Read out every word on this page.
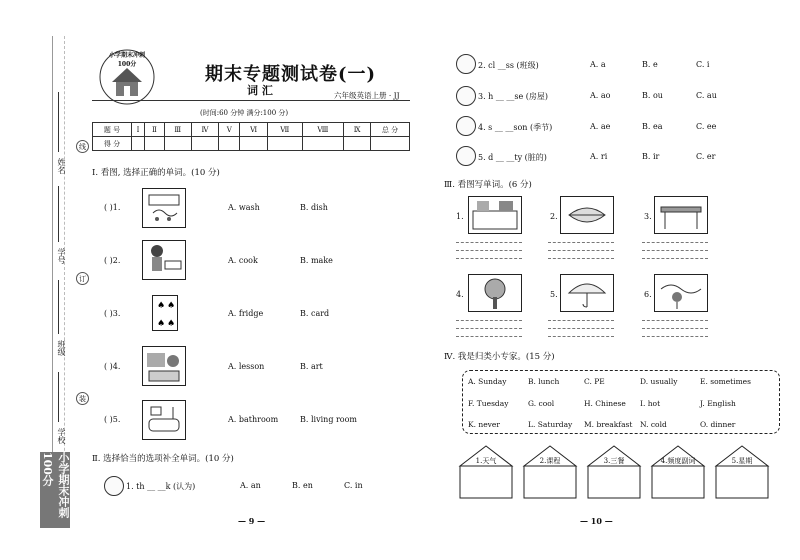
姓名
学号
班级
学校
线
订
装
小学期末冲刺100分
小学期末冲刺100分	期末专题测试卷(一)
词 汇	六年级英语上册 · JJ
(时间:60 分钟 满分:100 分)
题 号	Ⅰ	Ⅱ	Ⅲ	Ⅳ	Ⅴ	Ⅵ	Ⅶ	Ⅷ	Ⅸ	总 分
得 分										
Ⅰ. 看图, 选择正确的单词。(10 分)
( )1.	A. wash	B. dish
( )2.	A. cook	B. make
( )3.
♠ ♠
♠ ♠
A. fridge	B. card
( )4.	A. lesson	B. art
( )5.	A. bathroom	B. living room
Ⅱ. 选择恰当的选项补全单词。(10 分)
1. th __ __k (认为)	A. an	B. en	C. in
— 9 —
2. cl __ss (班级)	A. a	B. e	C. i
3. h __ __se (房屋)	A. ao	B. ou	C. au
4. s __ __son (季节)	A. ae	B. ea	C. ee
5. d __ __ty (脏的)	A. ri	B. ir	C. er
Ⅲ. 看图写单词。(6 分)
1.	2.	3.
4.	5.	6.
Ⅳ. 我是归类小专家。(15 分)
A. Sunday	B. lunch	C. PE	D. usually	E. sometimes
F. Tuesday	G. cool	H. Chinese I. hot	J. English
K. never	L. Saturday M. breakfast N. cold	O. dinner
1.天气	2.课程	3.三餐	4.频度副词	5.星期
— 10 —
